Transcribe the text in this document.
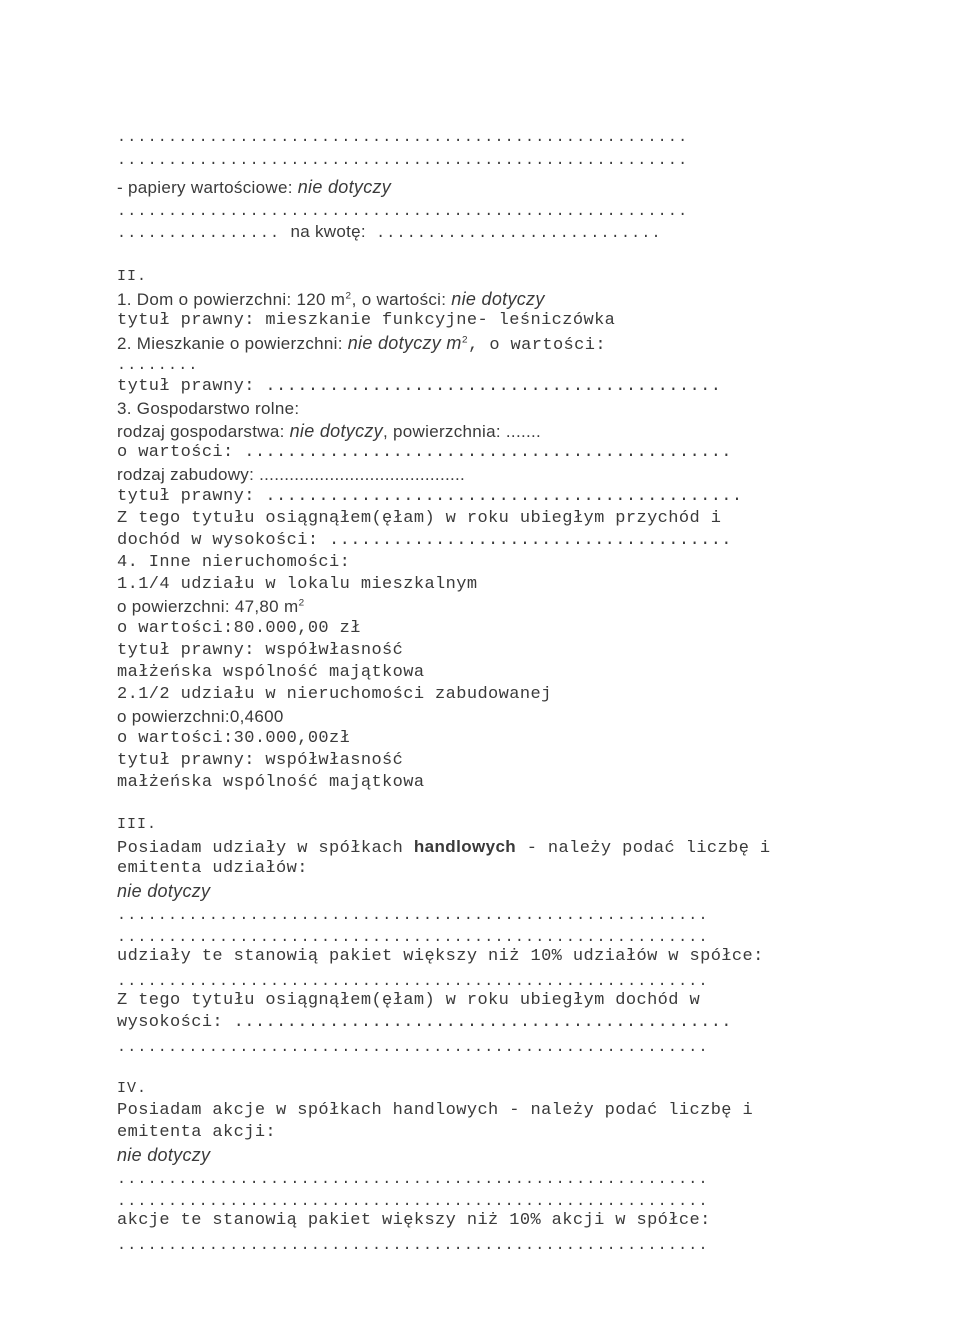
........................................................
........................................................
- papiery wartościowe: nie dotyczy
........................................................
................ na kwotę: ............................
II.
1. Dom o powierzchni: 120 $m^2$, o wartości: nie dotyczy
tytuł prawny: mieszkanie funkcyjne- leśniczówka
2. Mieszkanie o powierzchni: nie dotyczy $m^2$, o wartości:
........
tytuł prawny: ...........................................
3. Gospodarstwo rolne:
rodzaj gospodarstwa: nie dotyczy, powierzchnia: .......
o wartości: ..............................................
rodzaj zabudowy: .........................................
tytuł prawny: .............................................
Z tego tytułu osiągnąłem(ęłam) w roku ubiegłym przychód i
dochód w wysokości: ......................................
4. Inne nieruchomości:
1.1/4 udziału w lokalu mieszkalnym
o powierzchni: 47,80 $m^2$
o wartości:80.000,00 zł
tytuł prawny: współwłasność
małżeńska wspólność majątkowa
2.1/2 udziału w nieruchomości zabudowanej
o powierzchni:0,4600
o wartości:30.000,00zł
tytuł prawny: współwłasność
małżeńska wspólność majątkowa
III.
Posiadam udziały w spółkach handlowych - należy podać liczbę i
emitenta udziałów:
nie dotyczy
..........................................................
..........................................................
udziały te stanowią pakiet większy niż 10% udziałów w spółce:
..........................................................
Z tego tytułu osiągnąłem(ęłam) w roku ubiegłym dochód w
wysokości: ...............................................
..........................................................
IV.
Posiadam akcje w spółkach handlowych - należy podać liczbę i
emitenta akcji:
nie dotyczy
..........................................................
..........................................................
akcje te stanowią pakiet większy niż 10% akcji w spółce:
..........................................................
